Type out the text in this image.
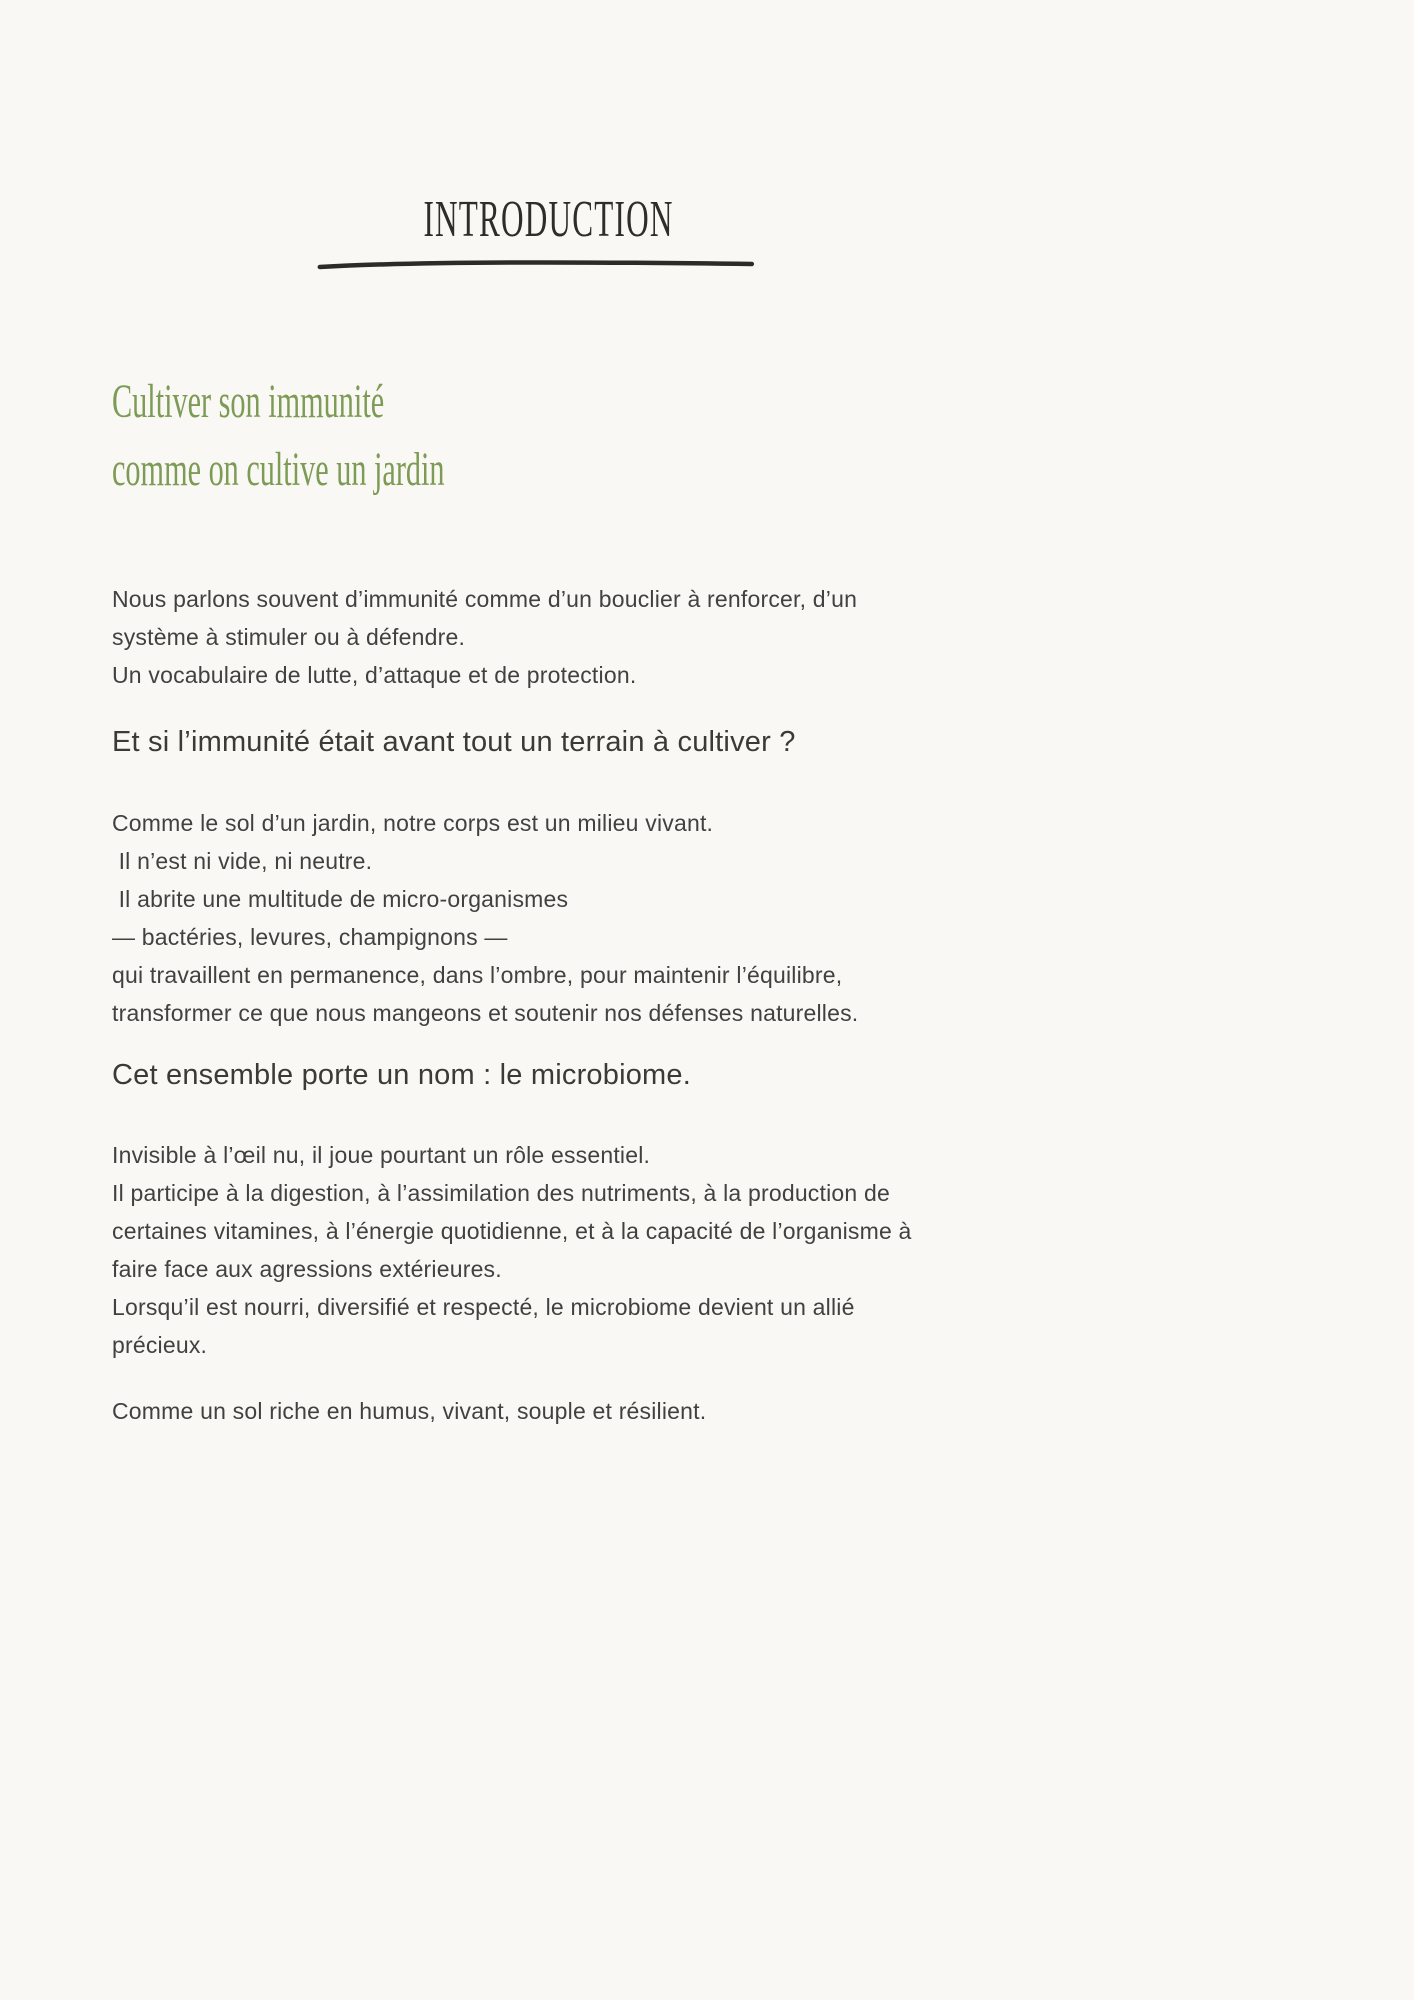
INTRODUCTION
Cultiver son immunité
comme on cultive un jardin
Nous parlons souvent d’immunité comme d’un bouclier à renforcer, d’un
système à stimuler ou à défendre.
Un vocabulaire de lutte, d’attaque et de protection.
Et si l’immunité était avant tout un terrain à cultiver ?
Comme le sol d’un jardin, notre corps est un milieu vivant.
Il n’est ni vide, ni neutre.
Il abrite une multitude de micro-organismes
— bactéries, levures, champignons —
qui travaillent en permanence, dans l’ombre, pour maintenir l’équilibre,
transformer ce que nous mangeons et soutenir nos défenses naturelles.
Cet ensemble porte un nom : le microbiome.
Invisible à l’œil nu, il joue pourtant un rôle essentiel.
Il participe à la digestion, à l’assimilation des nutriments, à la production de
certaines vitamines, à l’énergie quotidienne, et à la capacité de l’organisme à
faire face aux agressions extérieures.
Lorsqu’il est nourri, diversifié et respecté, le microbiome devient un allié
précieux.
Comme un sol riche en humus, vivant, souple et résilient.
